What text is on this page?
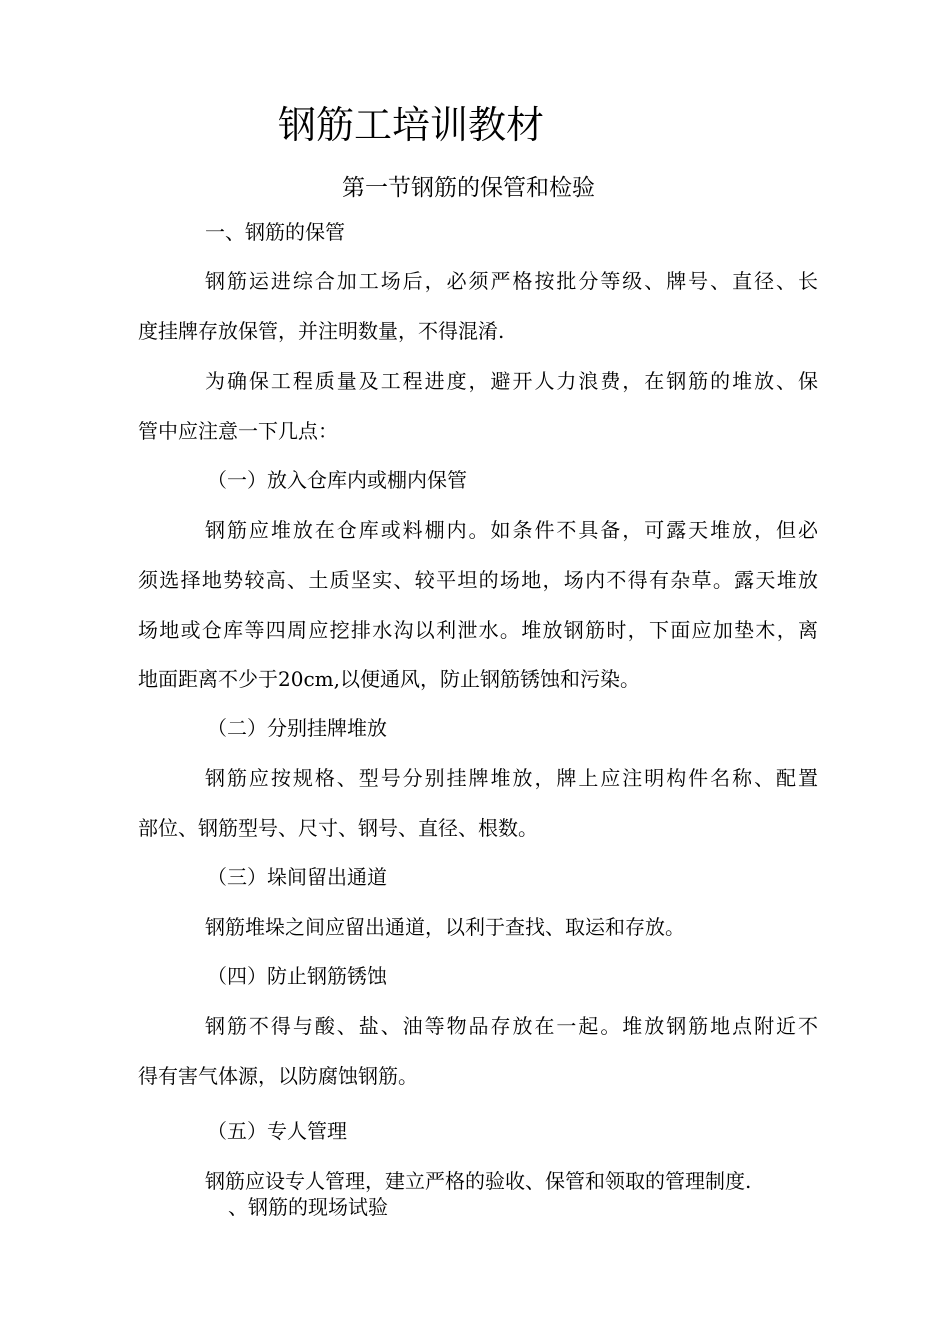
钢筋工培训教材
第一节钢筋的保管和检验
一、钢筋的保管
钢筋运进综合加工场后，必须严格按批分等级、牌号、直径、长
度挂牌存放保管，并注明数量，不得混淆.
为确保工程质量及工程进度，避开人力浪费，在钢筋的堆放、保
管中应注意一下几点：
（一）放入仓库内或棚内保管
钢筋应堆放在仓库或料棚内。如条件不具备，可露天堆放，但必
须选择地势较高、土质坚实、较平坦的场地，场内不得有杂草。露天堆放
场地或仓库等四周应挖排水沟以利泄水。堆放钢筋时，下面应加垫木，离
地面距离不少于20cm,以便通风，防止钢筋锈蚀和污染。
（二）分别挂牌堆放
钢筋应按规格、型号分别挂牌堆放，牌上应注明构件名称、配置
部位、钢筋型号、尺寸、钢号、直径、根数。
（三）垛间留出通道
钢筋堆垛之间应留出通道，以利于查找、取运和存放。
（四）防止钢筋锈蚀
钢筋不得与酸、盐、油等物品存放在一起。堆放钢筋地点附近不
得有害气体源，以防腐蚀钢筋。
（五）专人管理
钢筋应设专人管理，建立严格的验收、保管和领取的管理制度.
、钢筋的现场试验
